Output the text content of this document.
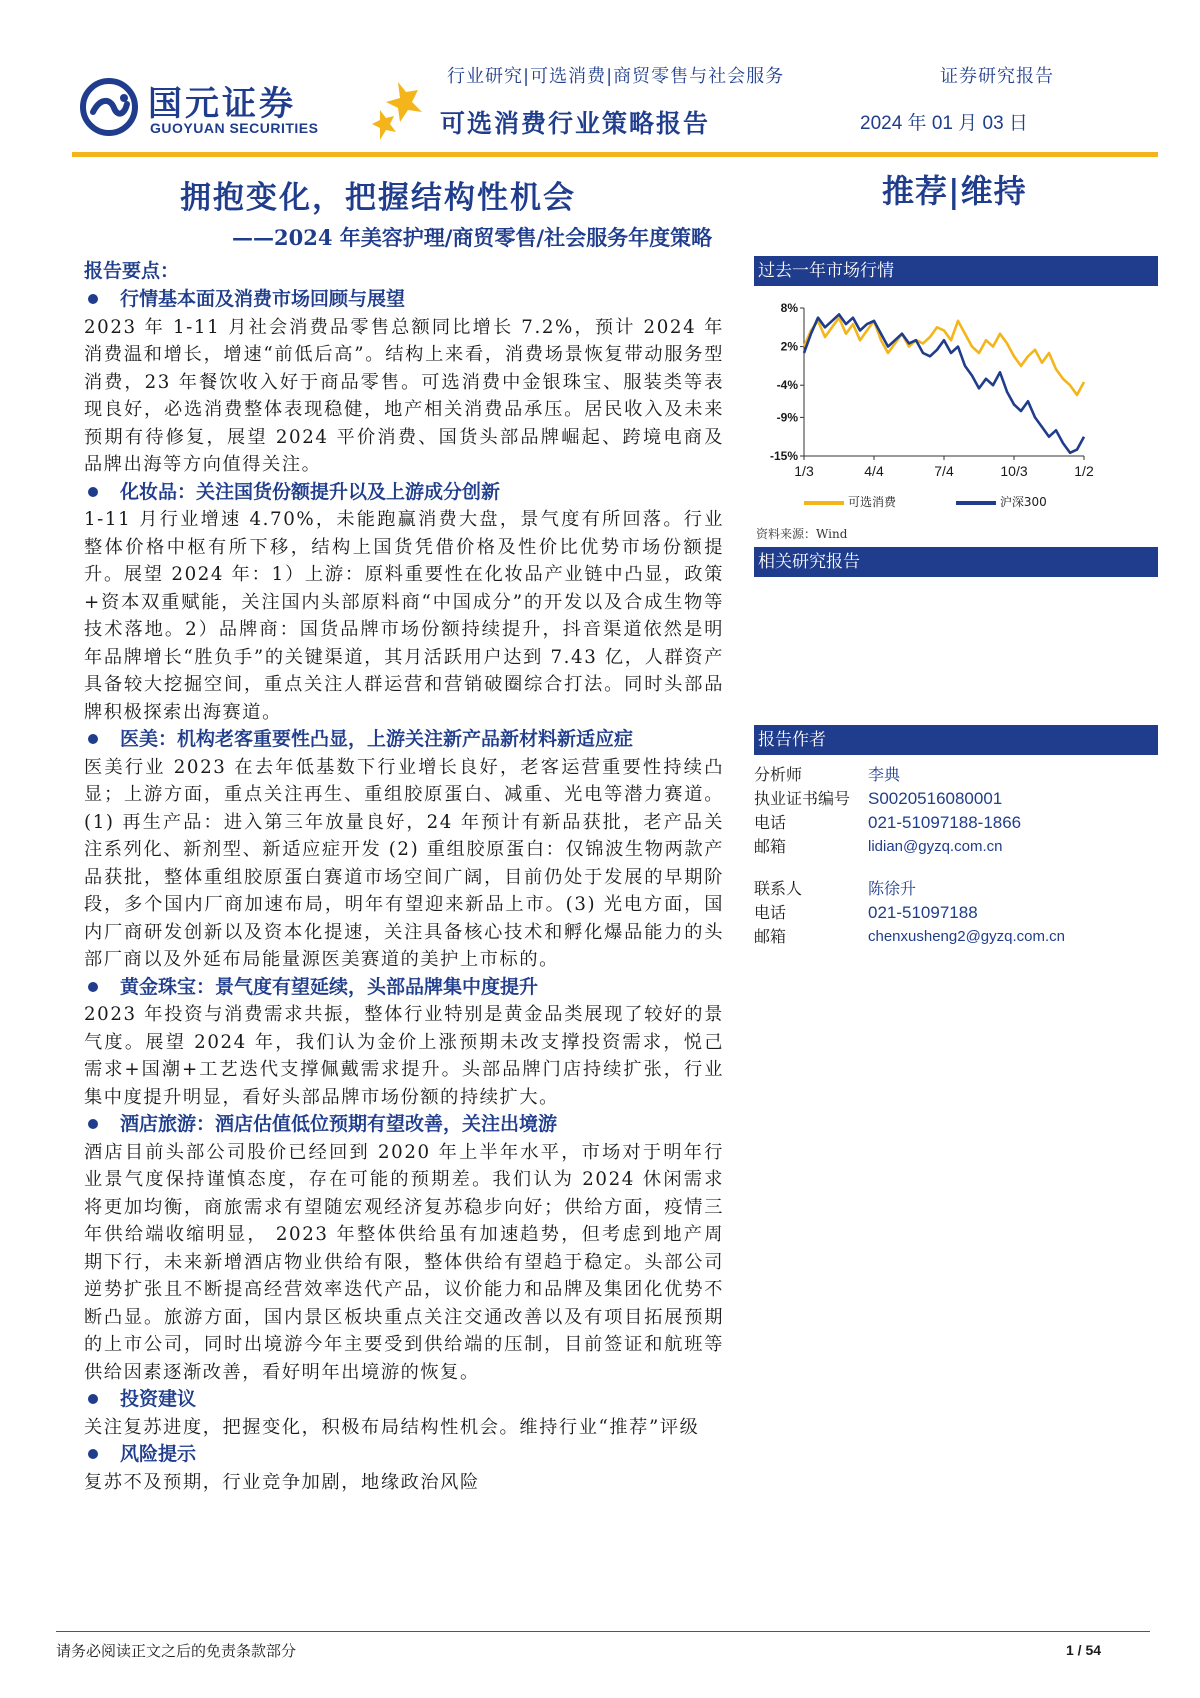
国元证券
GUOYUAN SECURITIES
行业研究|可选消费|商贸零售与社会服务	证券研究报告
可选消费行业策略报告	2024 年 01 月 03 日
拥抱变化，把握结构性机会
——2024 年美容护理/商贸零售/社会服务年度策略
推荐|维持
报告要点：
行情基本面及消费市场回顾与展望
2023 年 1-11 月社会消费品零售总额同比增长 7.2%，预计 2024 年消费温和增长，增速“前低后高”。结构上来看，消费场景恢复带动服务型消费，23 年餐饮收入好于商品零售。可选消费中金银珠宝、服装类等表现良好，必选消费整体表现稳健，地产相关消费品承压。居民收入及未来预期有待修复，展望 2024 平价消费、国货头部品牌崛起、跨境电商及品牌出海等方向值得关注。
化妆品：关注国货份额提升以及上游成分创新
1-11 月行业增速 4.70%，未能跑赢消费大盘，景气度有所回落。行业整体价格中枢有所下移，结构上国货凭借价格及性价比优势市场份额提升。展望 2024 年：1）上游：原料重要性在化妆品产业链中凸显，政策+资本双重赋能，关注国内头部原料商“中国成分”的开发以及合成生物等技术落地。2）品牌商：国货品牌市场份额持续提升，抖音渠道依然是明年品牌增长“胜负手”的关键渠道，其月活跃用户达到 7.43 亿，人群资产具备较大挖掘空间，重点关注人群运营和营销破圈综合打法。同时头部品牌积极探索出海赛道。
医美：机构老客重要性凸显，上游关注新产品新材料新适应症
医美行业 2023 在去年低基数下行业增长良好，老客运营重要性持续凸显；上游方面，重点关注再生、重组胶原蛋白、减重、光电等潜力赛道。(1) 再生产品：进入第三年放量良好，24 年预计有新品获批，老产品关注系列化、新剂型、新适应症开发 (2) 重组胶原蛋白：仅锦波生物两款产品获批，整体重组胶原蛋白赛道市场空间广阔，目前仍处于发展的早期阶段，多个国内厂商加速布局，明年有望迎来新品上市。(3) 光电方面，国内厂商研发创新以及资本化提速，关注具备核心技术和孵化爆品能力的头部厂商以及外延布局能量源医美赛道的美护上市标的。
黄金珠宝：景气度有望延续，头部品牌集中度提升
2023 年投资与消费需求共振，整体行业特别是黄金品类展现了较好的景气度。展望 2024 年，我们认为金价上涨预期未改支撑投资需求，悦己需求+国潮+工艺迭代支撑佩戴需求提升。头部品牌门店持续扩张，行业集中度提升明显，看好头部品牌市场份额的持续扩大。
酒店旅游：酒店估值低位预期有望改善，关注出境游
酒店目前头部公司股价已经回到 2020 年上半年水平，市场对于明年行业景气度保持谨慎态度，存在可能的预期差。我们认为 2024 休闲需求将更加均衡，商旅需求有望随宏观经济复苏稳步向好；供给方面，疫情三年供给端收缩明显， 2023 年整体供给虽有加速趋势，但考虑到地产周期下行，未来新增酒店物业供给有限，整体供给有望趋于稳定。头部公司逆势扩张且不断提高经营效率迭代产品，议价能力和品牌及集团化优势不断凸显。旅游方面，国内景区板块重点关注交通改善以及有项目拓展预期的上市公司，同时出境游今年主要受到供给端的压制，目前签证和航班等供给因素逐渐改善，看好明年出境游的恢复。
投资建议
关注复苏进度，把握变化，积极布局结构性机会。维持行业“推荐”评级
风险提示
复苏不及预期，行业竞争加剧，地缘政治风险
过去一年市场行情
8%
2%
-4%
-9%
-15%
1/3	4/4	7/4	10/3	1/2
可选消费	沪深300
资料来源：Wind
相关研究报告
报告作者
分析师	李典
执业证书编号 S0020516080001
电话	021-51097188-1866
邮箱	lidian@gyzq.com.cn
联系人	陈徐升
电话	021-51097188
邮箱	chenxusheng2@gyzq.com.cn
请务必阅读正文之后的免责条款部分	1 / 54
